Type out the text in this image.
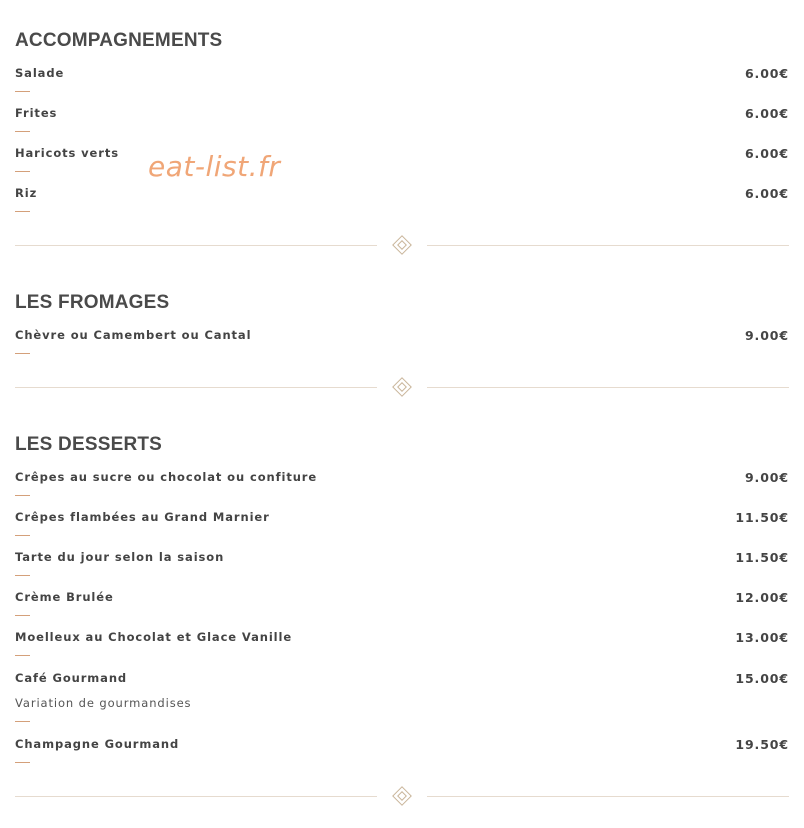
ACCOMPAGNEMENTS
Salade	6.00€
Frites	6.00€
Haricots verts	6.00€
Riz	6.00€
LES FROMAGES
Chèvre ou Camembert ou Cantal	9.00€
LES DESSERTS
Crêpes au sucre ou chocolat ou confiture	9.00€
Crêpes flambées au Grand Marnier	11.50€
Tarte du jour selon la saison	11.50€
Crème Brulée	12.00€
Moelleux au Chocolat et Glace Vanille	13.00€
Café Gourmand	15.00€
Variation de gourmandises
Champagne Gourmand	19.50€
eat-list.fr
